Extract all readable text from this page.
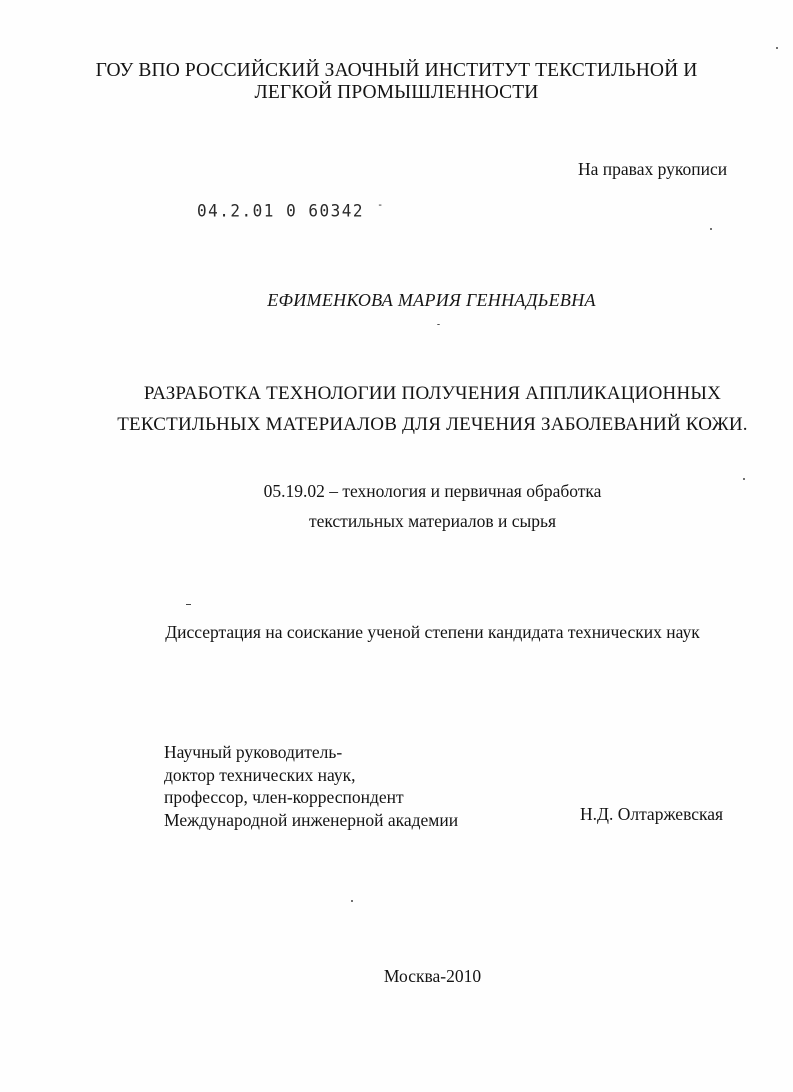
ГОУ ВПО РОССИЙСКИЙ ЗАОЧНЫЙ ИНСТИТУТ ТЕКСТИЛЬНОЙ И
ЛЕГКОЙ ПРОМЫШЛЕННОСТИ
На правах рукописи
04.2.01 0 60342 -
ЕФИМЕНКОВА МАРИЯ ГЕННАДЬЕВНА
РАЗРАБОТКА ТЕХНОЛОГИИ ПОЛУЧЕНИЯ АППЛИКАЦИОННЫХ
ТЕКСТИЛЬНЫХ МАТЕРИАЛОВ ДЛЯ ЛЕЧЕНИЯ ЗАБОЛЕВАНИЙ КОЖИ.
05.19.02 – технология и первичная обработка
текстильных материалов и сырья
Диссертация на соискание ученой степени кандидата технических наук
Научный руководитель-
доктор технических наук,
профессор, член-корреспондент
Международной инженерной академии	Н.Д. Олтаржевская
Москва-2010
